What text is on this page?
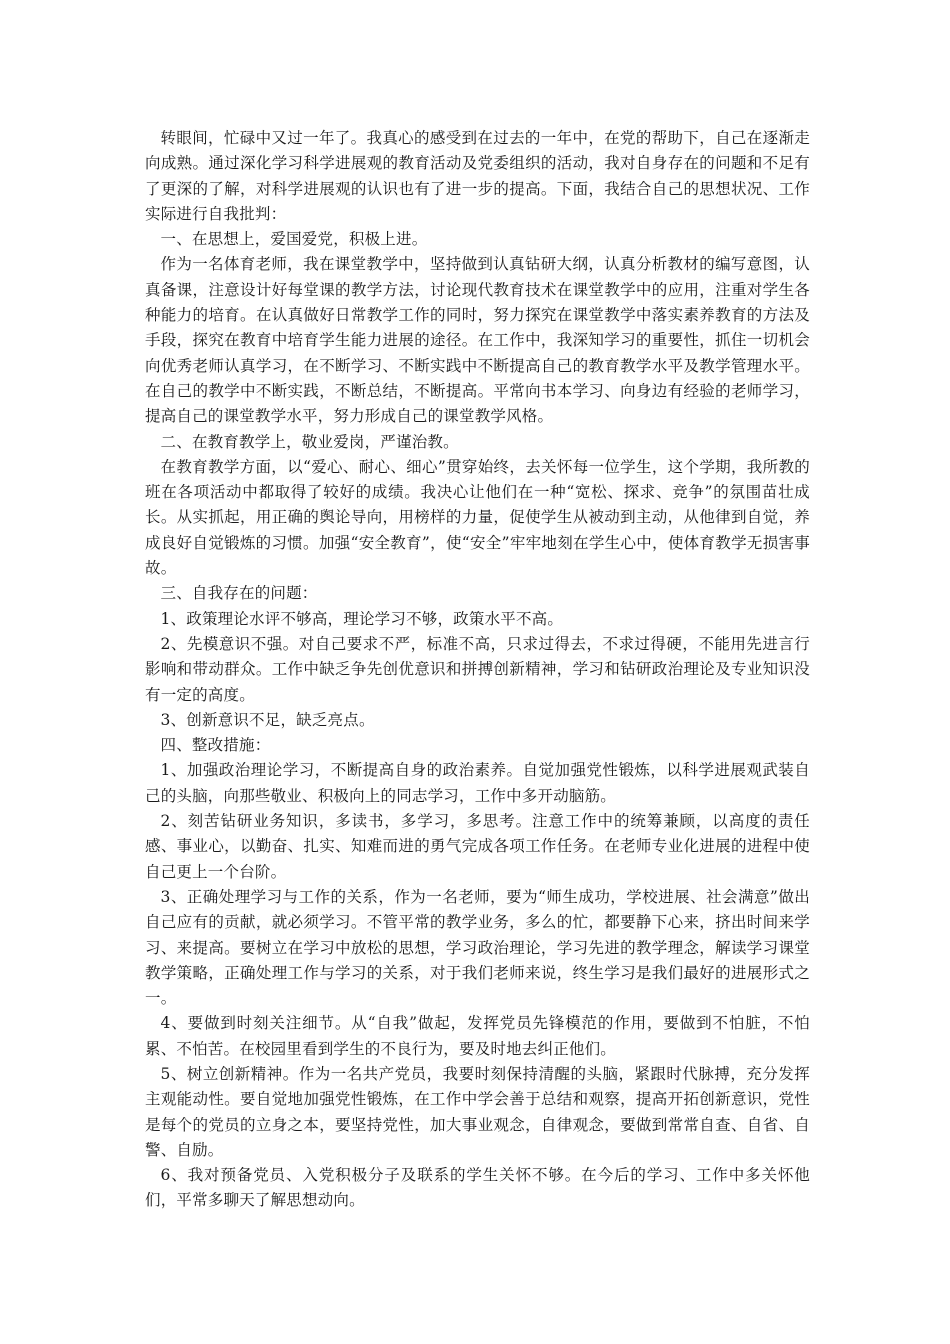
转眼间，忙碌中又过一年了。我真心的感受到在过去的一年中，在党的帮助下，自己在逐渐走向成熟。通过深化学习科学进展观的教育活动及党委组织的活动，我对自身存在的问题和不足有了更深的了解，对科学进展观的认识也有了进一步的提高。下面，我结合自己的思想状况、工作实际进行自我批判：

一、在思想上，爱国爱党，积极上进。

作为一名体育老师，我在课堂教学中，坚持做到认真钻研大纲，认真分析教材的编写意图，认真备课，注意设计好每堂课的教学方法，讨论现代教育技术在课堂教学中的应用，注重对学生各种能力的培育。在认真做好日常教学工作的同时，努力探究在课堂教学中落实素养教育的方法及手段，探究在教育中培育学生能力进展的途径。在工作中，我深知学习的重要性，抓住一切机会向优秀老师认真学习，在不断学习、不断实践中不断提高自己的教育教学水平及教学管理水平。在自己的教学中不断实践，不断总结，不断提高。平常向书本学习、向身边有经验的老师学习，提高自己的课堂教学水平，努力形成自己的课堂教学风格。

二、在教育教学上，敬业爱岗，严谨治教。

在教育教学方面，以“爱心、耐心、细心”贯穿始终，去关怀每一位学生，这个学期，我所教的班在各项活动中都取得了较好的成绩。我决心让他们在一种“宽松、探求、竞争”的氛围苗壮成长。从实抓起，用正确的舆论导向，用榜样的力量，促使学生从被动到主动，从他律到自觉，养成良好自觉锻炼的习惯。加强“安全教育”，使“安全”牢牢地刻在学生心中，使体育教学无损害事故。

三、自我存在的问题：

1、政策理论水评不够高，理论学习不够，政策水平不高。

2、先模意识不强。对自己要求不严，标准不高，只求过得去，不求过得硬，不能用先进言行影响和带动群众。工作中缺乏争先创优意识和拼搏创新精神，学习和钻研政治理论及专业知识没有一定的高度。

3、创新意识不足，缺乏亮点。

四、整改措施：

1、加强政治理论学习，不断提高自身的政治素养。自觉加强党性锻炼，以科学进展观武装自己的头脑，向那些敬业、积极向上的同志学习，工作中多开动脑筋。

2、刻苦钻研业务知识，多读书，多学习，多思考。注意工作中的统筹兼顾，以高度的责任感、事业心，以勤奋、扎实、知难而进的勇气完成各项工作任务。在老师专业化进展的进程中使自己更上一个台阶。

3、正确处理学习与工作的关系，作为一名老师，要为“师生成功，学校进展、社会满意”做出自己应有的贡献，就必须学习。不管平常的教学业务，多么的忙，都要静下心来，挤出时间来学习、来提高。要树立在学习中放松的思想，学习政治理论，学习先进的教学理念，解读学习课堂教学策略，正确处理工作与学习的关系，对于我们老师来说，终生学习是我们最好的进展形式之一。

4、要做到时刻关注细节。从“自我”做起，发挥党员先锋模范的作用，要做到不怕脏，不怕累、不怕苦。在校园里看到学生的不良行为，要及时地去纠正他们。

5、树立创新精神。作为一名共产党员，我要时刻保持清醒的头脑，紧跟时代脉搏，充分发挥主观能动性。要自觉地加强党性锻炼，在工作中学会善于总结和观察，提高开拓创新意识，党性是每个的党员的立身之本，要坚持党性，加大事业观念，自律观念，要做到常常自查、自省、自警、自励。

6、我对预备党员、入党积极分子及联系的学生关怀不够。在今后的学习、工作中多关怀他们，平常多聊天了解思想动向。
